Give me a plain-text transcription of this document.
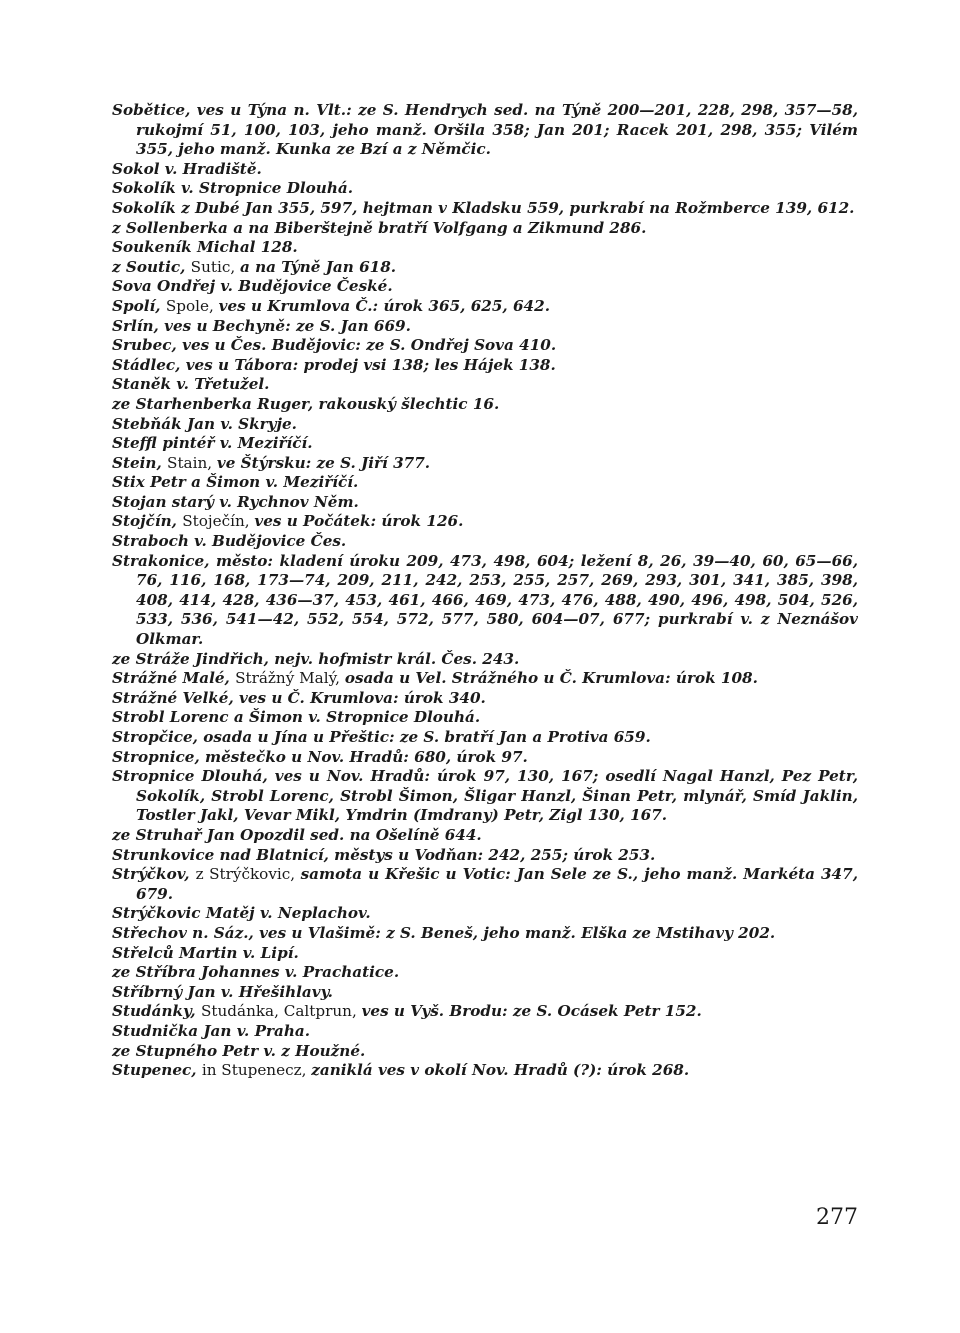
Sobětice, ves u Týna n. Vlt.: ze S. Hendrych sed. na Týně 200—201, 228, 298, 357—58, rukojmí 51, 100, 103, jeho manž. Oršila 358; Jan 201; Racek 201, 298, 355; Vilém 355, jeho manž. Kunka ze Bzí a z Němčic.
Sokol v. Hradiště.
Sokolík v. Stropnice Dlouhá.
Sokolík z Dubé Jan 355, 597, hejtman v Kladsku 559, purkrabí na Rožmberce 139, 612.
z Sollenberka a na Biberštejně bratří Volfgang a Zikmund 286.
Soukeník Michal 128.
z Soutic, Sutic, a na Týně Jan 618.
Sova Ondřej v. Budějovice České.
Spolí, Spole, ves u Krumlova Č.: úrok 365, 625, 642.
Srlín, ves u Bechyně: ze S. Jan 669.
Srubec, ves u Čes. Budějovic: ze S. Ondřej Sova 410.
Stádlec, ves u Tábora: prodej vsi 138; les Hájek 138.
Staněk v. Třetužel.
ze Starhenberka Ruger, rakouský šlechtic 16.
Stebňák Jan v. Skryje.
Steffl pintéř v. Meziříčí.
Stein, Stain, ve Štýrsku: ze S. Jiří 377.
Stix Petr a Šimon v. Meziříčí.
Stojan starý v. Rychnov Něm.
Stojčín, Stoječín, ves u Počátek: úrok 126.
Straboch v. Budějovice Čes.
Strakonice, město: kladení úroku 209, 473, 498, 604; ležení 8, 26, 39—40, 60, 65—66, 76, 116, 168, 173—74, 209, 211, 242, 253, 255, 257, 269, 293, 301, 341, 385, 398, 408, 414, 428, 436—37, 453, 461, 466, 469, 473, 476, 488, 490, 496, 498, 504, 526, 533, 536, 541—42, 552, 554, 572, 577, 580, 604—07, 677; purkrabí v. z Neznášov Olkmar.
ze Stráže Jindřich, nejv. hofmistr král. Čes. 243.
Strážné Malé, Strážný Malý, osada u Vel. Strážného u Č. Krumlova: úrok 108.
Strážné Velké, ves u Č. Krumlova: úrok 340.
Strobl Lorenc a Šimon v. Stropnice Dlouhá.
Stropčice, osada u Jína u Přeštic: ze S. bratří Jan a Protiva 659.
Stropnice, městečko u Nov. Hradů: 680, úrok 97.
Stropnice Dlouhá, ves u Nov. Hradů: úrok 97, 130, 167; osedlí Nagal Hanzl, Pez Petr, Sokolík, Strobl Lorenc, Strobl Šimon, Šligar Hanzl, Šinan Petr, mlynář, Smíd Jaklin, Tostler Jakl, Vevar Mikl, Ymdrin (Imdrany) Petr, Zigl 130, 167.
ze Struhař Jan Opozdil sed. na Ošelíně 644.
Strunkovice nad Blatnicí, městys u Vodňan: 242, 255; úrok 253.
Strýčkov, z Strýčkovic, samota u Křešic u Votic: Jan Sele ze S., jeho manž. Markéta 347, 679.
Strýčkovic Matěj v. Neplachov.
Střechov n. Sáz., ves u Vlašimě: z S. Beneš, jeho manž. Elška ze Mstihavy 202.
Střelců Martin v. Lipí.
ze Stříbra Johannes v. Prachatice.
Stříbrný Jan v. Hřešihlavy.
Studánky, Studánka, Caltprun, ves u Vyš. Brodu: ze S. Ocásek Petr 152.
Studnička Jan v. Praha.
ze Stupného Petr v. z Houžné.
Stupenec, in Stupenecz, zaniklá ves v okolí Nov. Hradů (?): úrok 268.
277
